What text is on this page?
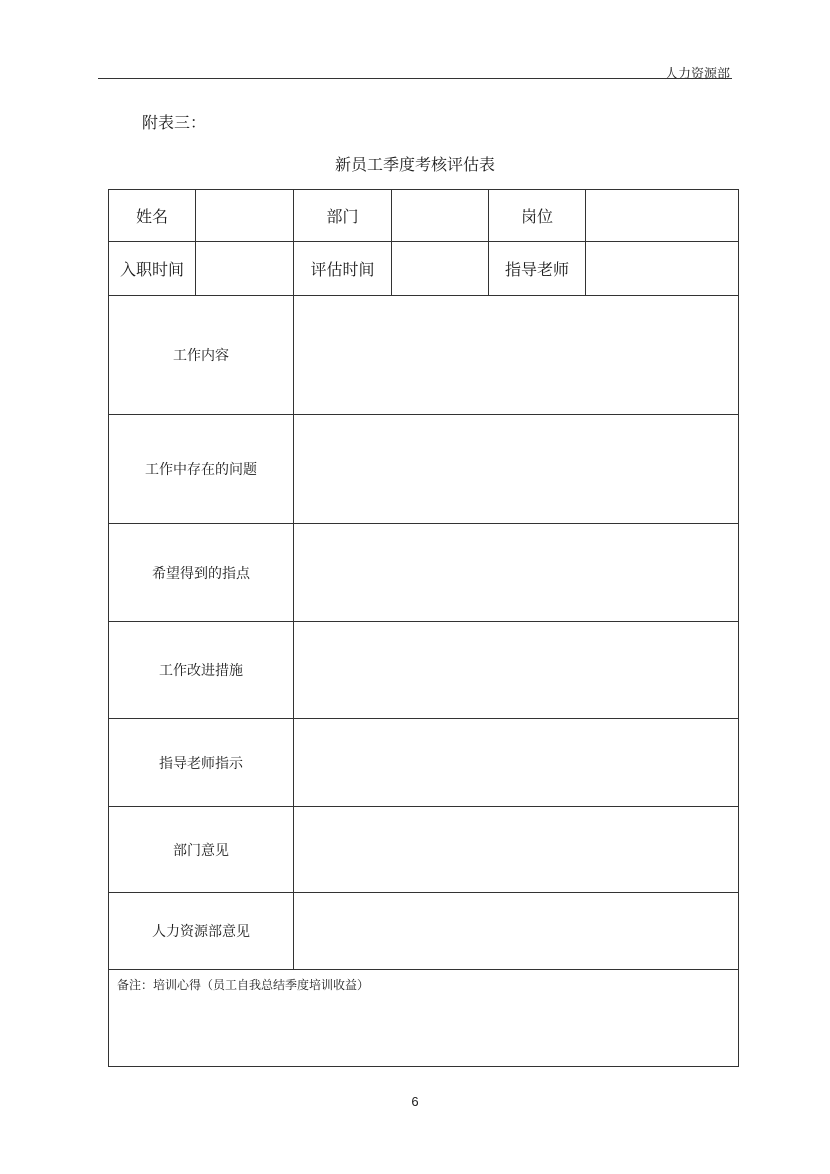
人力资源部
附表三：
新员工季度考核评估表
姓名		部门		岗位	
入职时间		评估时间		指导老师	
工作内容					
工作中存在的问题					
希望得到的指点					
工作改进措施					
指导老师指示					
部门意见					
人力资源部意见					
备注：培训心得（员工自我总结季度培训收益）					
6
